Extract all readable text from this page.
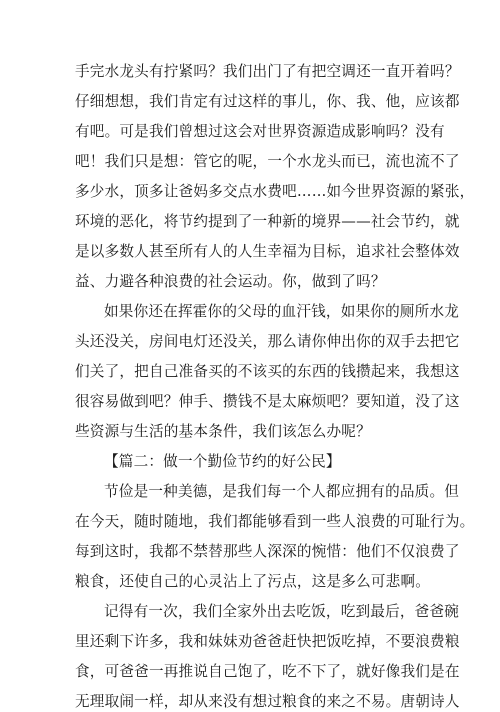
手完水龙头有拧紧吗？我们出门了有把空调还一直开着吗？
仔细想想，我们肯定有过这样的事儿，你、我、他，应该都
有吧。可是我们曾想过这会对世界资源造成影响吗？没有
吧！我们只是想：管它的呢，一个水龙头而已，流也流不了
多少水，顶多让爸妈多交点水费吧……如今世界资源的紧张，
环境的恶化，将节约提到了一种新的境界——社会节约，就
是以多数人甚至所有人的人生幸福为目标，追求社会整体效
益、力避各种浪费的社会运动。你，做到了吗？
如果你还在挥霍你的父母的血汗钱，如果你的厕所水龙
头还没关，房间电灯还没关，那么请你伸出你的双手去把它
们关了，把自己准备买的不该买的东西的钱攒起来，我想这
很容易做到吧？伸手、攒钱不是太麻烦吧？要知道，没了这
些资源与生活的基本条件，我们该怎么办呢？
【篇二：做一个勤俭节约的好公民】
节俭是一种美德，是我们每一个人都应拥有的品质。但
在今天，随时随地，我们都能够看到一些人浪费的可耻行为。
每到这时，我都不禁替那些人深深的惋惜：他们不仅浪费了
粮食，还使自己的心灵沾上了污点，这是多么可悲啊。
记得有一次，我们全家外出去吃饭，吃到最后，爸爸碗
里还剩下许多，我和妹妹劝爸爸赶快把饭吃掉，不要浪费粮
食，可爸爸一再推说自己饱了，吃不下了，就好像我们是在
无理取闹一样，却从来没有想过粮食的来之不易。唐朝诗人
